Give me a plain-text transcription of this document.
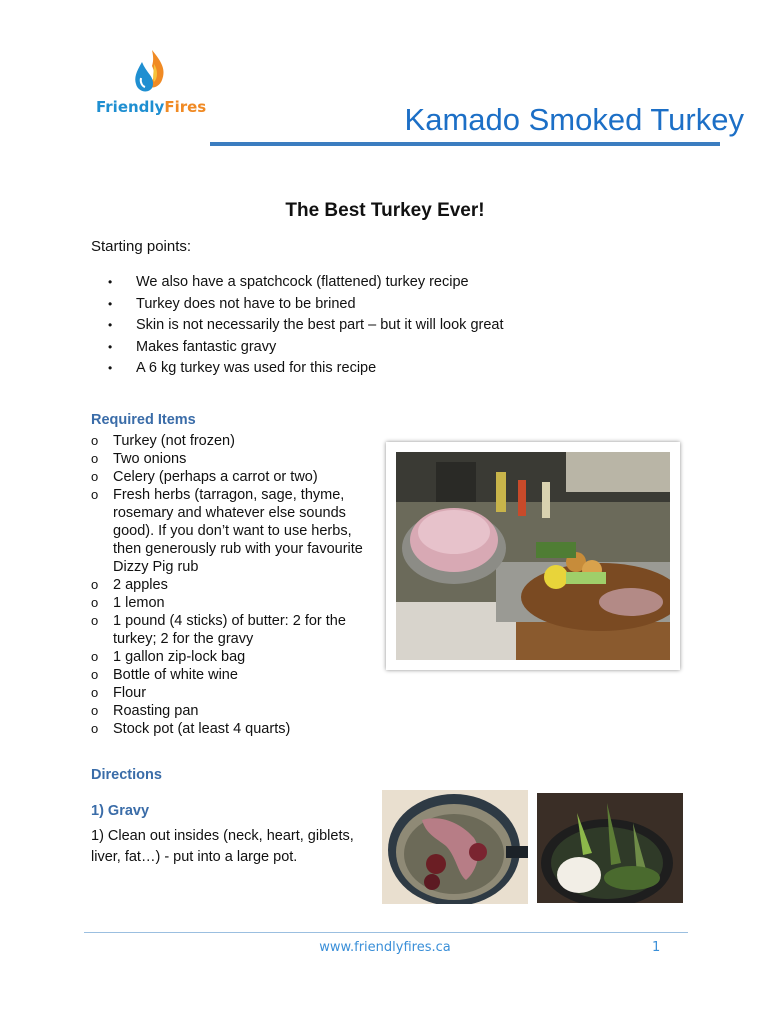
FriendlyFires	Kamado Smoked Turkey
The Best Turkey Ever!
Starting points:
• We also have a spatchcock (flattened) turkey recipe
• Turkey does not have to be brined
• Skin is not necessarily the best part – but it will look great
• Makes fantastic gravy
• A 6 kg turkey was used for this recipe
Required Items
o	Turkey (not frozen)
o	Two onions
o	Celery (perhaps a carrot or two)
o	Fresh herbs (tarragon, sage, thyme, rosemary and whatever else sounds good). If you don’t want to use herbs, then generously rub with your favourite Dizzy Pig rub
o	2 apples
o	1 lemon
o	1 pound (4 sticks) of butter: 2 for the turkey; 2 for the gravy
o	1 gallon zip-lock bag
o	Bottle of white wine
o	Flour
o	Roasting pan
o	Stock pot (at least 4 quarts)
Directions
1) Gravy
1) Clean out insides (neck, heart, giblets, liver, fat…) - put into a large pot.
www.friendlyfires.ca	1
